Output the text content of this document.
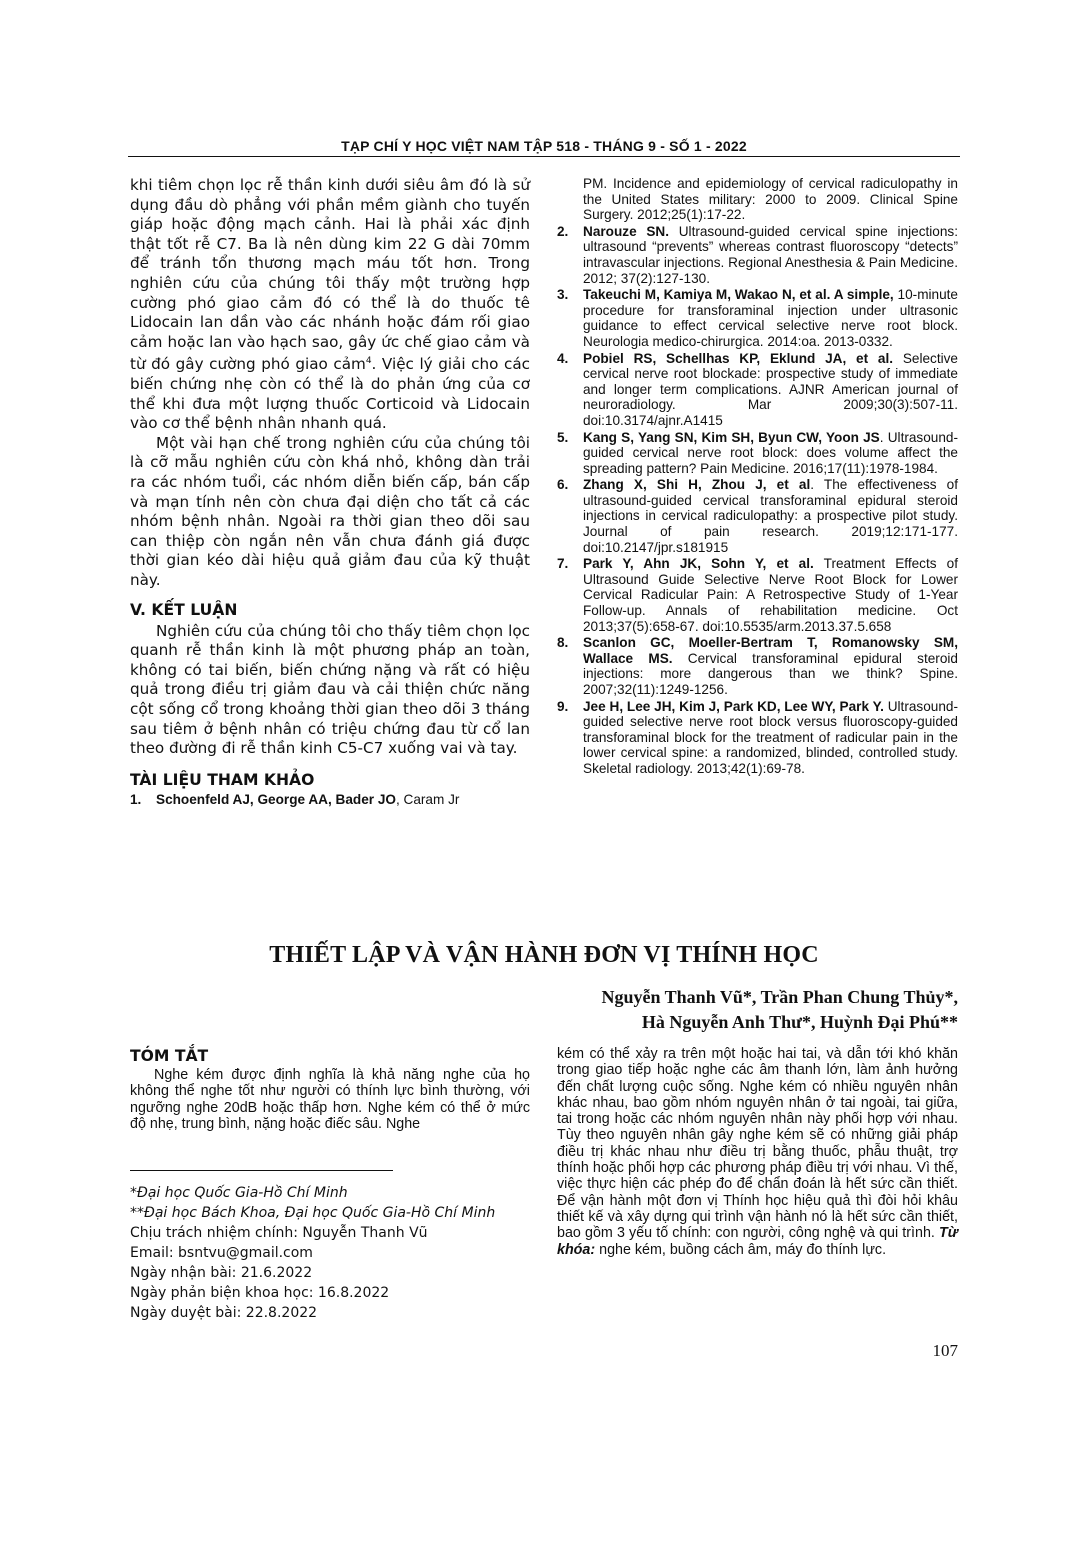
TẠP CHÍ Y HỌC VIỆT NAM TẬP 518 - THÁNG 9 - SỐ 1 - 2022

khi tiêm chọn lọc rễ thần kinh dưới siêu âm đó là sử dụng đầu dò phẳng với phần mềm giành cho tuyến giáp hoặc động mạch cảnh. Hai là phải xác định thật tốt rễ C7. Ba là nên dùng kim 22 G dài 70mm để tránh tổn thương mạch máu tốt hơn. Trong nghiên cứu của chúng tôi thấy một trường hợp cường phó giao cảm đó có thể là do thuốc tê Lidocain lan dần vào các nhánh hoặc đám rối giao cảm hoặc lan vào hạch sao, gây ức chế giao cảm và từ đó gây cường phó giao cảm$^4$. Việc lý giải cho các biến chứng nhẹ còn có thể là do phản ứng của cơ thể khi đưa một lượng thuốc Corticoid và Lidocain vào cơ thể bệnh nhân nhanh quá.

Một vài hạn chế trong nghiên cứu của chúng tôi là cỡ mẫu nghiên cứu còn khá nhỏ, không dàn trải ra các nhóm tuổi, các nhóm diễn biến cấp, bán cấp và mạn tính nên còn chưa đại diện cho tất cả các nhóm bệnh nhân. Ngoài ra thời gian theo dõi sau can thiệp còn ngắn nên vẫn chưa đánh giá được thời gian kéo dài hiệu quả giảm đau của kỹ thuật này.

V. KẾT LUẬN

Nghiên cứu của chúng tôi cho thấy tiêm chọn lọc quanh rễ thần kinh là một phương pháp an toàn, không có tai biến, biến chứng nặng và rất có hiệu quả trong điều trị giảm đau và cải thiện chức năng cột sống cổ trong khoảng thời gian theo dõi 3 tháng sau tiêm ở bệnh nhân có triệu chứng đau từ cổ lan theo đường đi rễ thần kinh C5-C7 xuống vai và tay.

TÀI LIỆU THAM KHẢO
1. Schoenfeld AJ, George AA, Bader JO, Caram Jr
PM. Incidence and epidemiology of cervical radiculopathy in the United States military: 2000 to 2009. Clinical Spine Surgery. 2012;25(1):17-22.
2. Narouze SN. Ultrasound-guided cervical spine injections: ultrasound “prevents” whereas contrast fluoroscopy “detects” intravascular injections. Regional Anesthesia & Pain Medicine. 2012; 37(2):127-130.
3. Takeuchi M, Kamiya M, Wakao N, et al. A simple, 10-minute procedure for transforaminal injection under ultrasonic guidance to effect cervical selective nerve root block. Neurologia medico-chirurgica. 2014:oa. 2013-0332.
4. Pobiel RS, Schellhas KP, Eklund JA, et al. Selective cervical nerve root blockade: prospective study of immediate and longer term complications. AJNR American journal of neuroradiology. Mar 2009;30(3):507-11. doi:10.3174/ajnr.A1415
5. Kang S, Yang SN, Kim SH, Byun CW, Yoon JS. Ultrasound-guided cervical nerve root block: does volume affect the spreading pattern? Pain Medicine. 2016;17(11):1978-1984.
6. Zhang X, Shi H, Zhou J, et al. The effectiveness of ultrasound-guided cervical transforaminal epidural steroid injections in cervical radiculopathy: a prospective pilot study. Journal of pain research. 2019;12:171-177. doi:10.2147/jpr.s181915
7. Park Y, Ahn JK, Sohn Y, et al. Treatment Effects of Ultrasound Guide Selective Nerve Root Block for Lower Cervical Radicular Pain: A Retrospective Study of 1-Year Follow-up. Annals of rehabilitation medicine. Oct 2013;37(5):658-67. doi:10.5535/arm.2013.37.5.658
8. Scanlon GC, Moeller-Bertram T, Romanowsky SM, Wallace MS. Cervical transforaminal epidural steroid injections: more dangerous than we think? Spine. 2007;32(11):1249-1256.
9. Jee H, Lee JH, Kim J, Park KD, Lee WY, Park Y. Ultrasound-guided selective nerve root block versus fluoroscopy-guided transforaminal block for the treatment of radicular pain in the lower cervical spine: a randomized, blinded, controlled study. Skeletal radiology. 2013;42(1):69-78.
THIẾT LẬP VÀ VẬN HÀNH ĐƠN VỊ THÍNH HỌC
Nguyễn Thanh Vũ*, Trần Phan Chung Thủy*,
Hà Nguyễn Anh Thư*, Huỳnh Đại Phú**
TÓM TẮT

Nghe kém được định nghĩa là khả năng nghe của họ không thể nghe tốt như người có thính lực bình thường, với ngưỡng nghe 20dB hoặc thấp hơn. Nghe kém có thể ở mức độ nhẹ, trung bình, nặng hoặc điếc sâu. Nghe

kém có thể xảy ra trên một hoặc hai tai, và dẫn tới khó khăn trong giao tiếp hoặc nghe các âm thanh lớn, làm ảnh hưởng đến chất lượng cuộc sống. Nghe kém có nhiều nguyên nhân khác nhau, bao gồm nhóm nguyên nhân ở tai ngoài, tai giữa, tai trong hoặc các nhóm nguyên nhân này phối hợp với nhau. Tùy theo nguyên nhân gây nghe kém sẽ có những giải pháp điều trị khác nhau như điều trị bằng thuốc, phẫu thuật, trợ thính hoặc phối hợp các phương pháp điều trị với nhau. Vì thế, việc thực hiện các phép đo để chẩn đoán là hết sức cần thiết. Để vận hành một đơn vị Thính học hiệu quả thì đòi hỏi khâu thiết kế và xây dựng qui trình vận hành nó là hết sức cần thiết, bao gồm 3 yếu tố chính: con người, công nghệ và qui trình. Từ khóa: nghe kém, buồng cách âm, máy đo thính lực.

*Đại học Quốc Gia-Hồ Chí Minh
**Đại học Bách Khoa, Đại học Quốc Gia-Hồ Chí Minh
Chịu trách nhiệm chính: Nguyễn Thanh Vũ
Email: bsntvu@gmail.com
Ngày nhận bài: 21.6.2022
Ngày phản biện khoa học: 16.8.2022
Ngày duyệt bài: 22.8.2022
107
